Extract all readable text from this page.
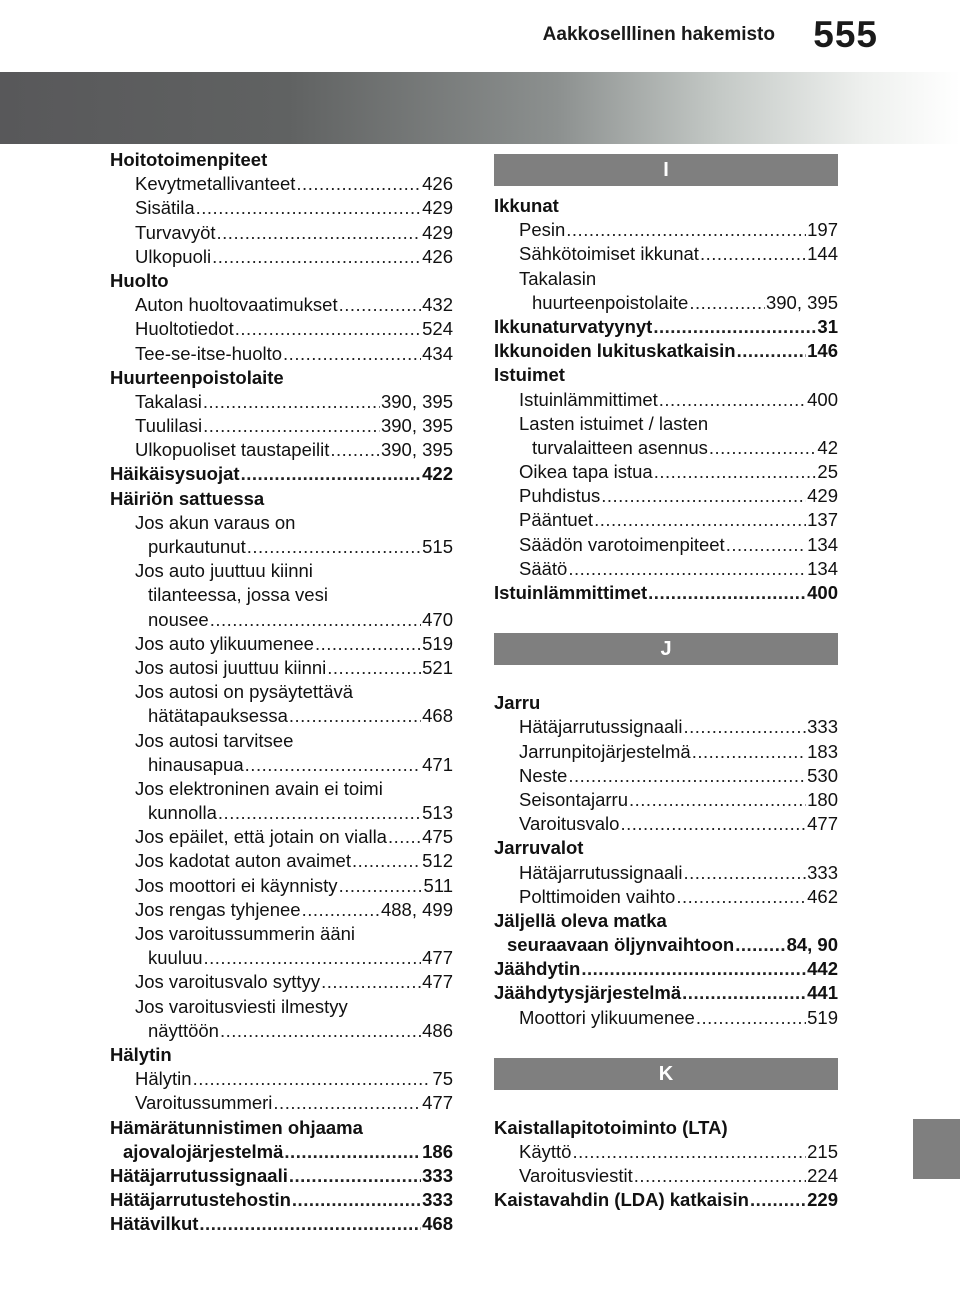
Aakkoselllinen hakemisto 555
Hoitotoimenpiteet
Kevytmetallivanteet .....	426
Sisätila .....	429
Turvavyöt .....	429
Ulkopuoli .....	426
Huolto
Auton huoltovaatimukset .....	432
Huoltotiedot .....	524
Tee-se-itse-huolto .....	434
Huurteenpoistolaite
Takalasi .....	390, 395
Tuulilasi .....	390, 395
Ulkopuoliset taustapeilit .....	390, 395
Häikäisysuojat .....	422
Häiriön sattuessa
Jos akun varaus on
purkautunut .....	515
Jos auto juuttuu kiinni
tilanteessa, jossa vesi
nousee .....	470
Jos auto ylikuumenee .....	519
Jos autosi juuttuu kiinni .....	521
Jos autosi on pysäytettävä
hätätapauksessa .....	468
Jos autosi tarvitsee
hinausapua .....	471
Jos elektroninen avain ei toimi
kunnolla .....	513
Jos epäilet, että jotain on vialla ..... 475
Jos kadotat auton avaimet .....	512
Jos moottori ei käynnisty .....	511
Jos rengas tyhjenee .....	488, 499
Jos varoitussummerin ääni
kuuluu .....	477
Jos varoitusvalo syttyy .....	477
Jos varoitusviesti ilmestyy
näyttöön .....	486
Hälytin
Hälytin .....	75
Varoitussummeri .....	477
Hämärätunnistimen ohjaama
ajovalojärjestelmä .....	186
Hätäjarrutussignaali .....	333
Hätäjarrutustehostin .....	333
Hätävilkut .....	468
I
Ikkunat
Pesin .....	197
Sähkötoimiset ikkunat .....	144
Takalasin
huurteenpoistolaite .....	390, 395
Ikkunaturvatyynyt .....	31
Ikkunoiden lukituskatkaisin .....	146
Istuimet
Istuinlämmittimet .....	400
Lasten istuimet / lasten
turvalaitteen asennus .....	42
Oikea tapa istua .....	25
Puhdistus .....	429
Pääntuet .....	137
Säädön varotoimenpiteet .....	134
Säätö .....	134
Istuinlämmittimet .....	400
J
Jarru
Hätäjarrutussignaali .....	333
Jarrunpitojärjestelmä .....	183
Neste .....	530
Seisontajarru .....	180
Varoitusvalo .....	477
Jarruvalot
Hätäjarrutussignaali .....	333
Polttimoiden vaihto .....	462
Jäljellä oleva matka
seuraavaan öljynvaihtoon .....	84, 90
Jäähdytin .....	442
Jäähdytysjärjestelmä .....	441
Moottori ylikuumenee .....	519
K
Kaistallapitotoiminto (LTA)
Käyttö .....	215
Varoitusviestit .....	224
Kaistavahdin (LDA) katkaisin .....	229
